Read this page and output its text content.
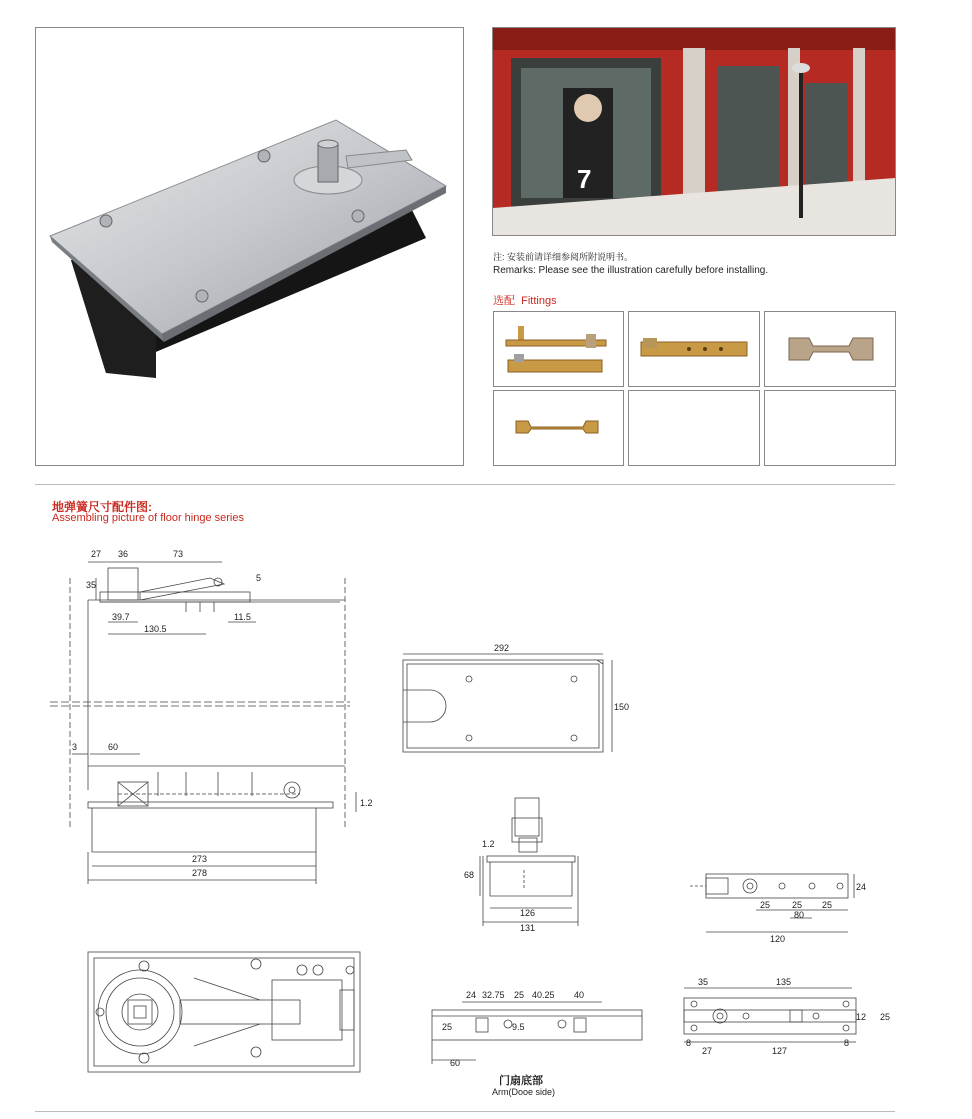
7
注: 安装前请详细参阅所附说明书。
Remarks: Please see the illustration carefully before installing.
选配 Fittings
地弹簧尺寸配件图:
Assembling picture of floor hinge series
27 36	73
35
5
39.7
130.5
11.5
3	60
1.2
273
278
292
150
1.2
68
126
131
24 32.75 25 40.25 40
25	9.5
60
24
25 25
80
25
120
35	135
12 25
8
27	127
8
门扇底部
Arm(Dooe side)
